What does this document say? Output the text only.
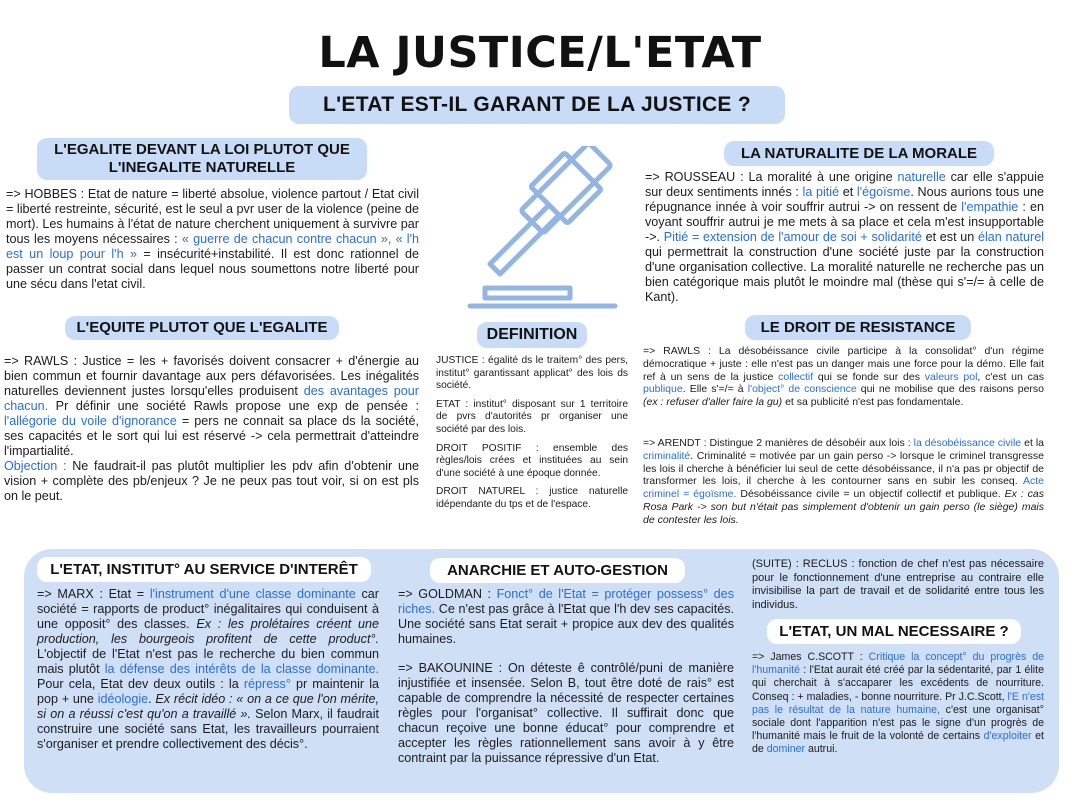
LA JUSTICE/L'ETAT
L'ETAT EST-IL GARANT DE LA JUSTICE ?
L'EGALITE DEVANT LA LOI PLUTOT QUE
L'INEGALITE NATURELLE
=> HOBBES : Etat de nature = liberté absolue, violence partout / Etat civil = liberté restreinte, sécurité, est le seul a pvr user de la violence (peine de mort). Les humains à l'état de nature cherchent uniquement à survivre par tous les moyens nécessaires : « guerre de chacun contre chacun », « l'h est un loup pour l'h » = insécurité+instabilité. Il est donc rationnel de passer un contrat social dans lequel nous soumettons notre liberté pour une sécu dans l'etat civil.
L'EQUITE PLUTOT QUE L'EGALITE
=> RAWLS : Justice = les + favorisés doivent consacrer + d'énergie au bien commun et fournir davantage aux pers défavorisées. Les inégalités naturelles deviennent justes lorsqu'elles produisent des avantages pour chacun. Pr définir une société Rawls propose une exp de pensée : l'allégorie du voile d'ignorance = pers ne connait sa place ds la société, ses capacités et le sort qui lui est réservé -> cela permettrait d'atteindre l'impartialité.
Objection : Ne faudrait-il pas plutôt multiplier les pdv afin d'obtenir une vision + complète des pb/enjeux ? Je ne peux pas tout voir, si on est pls on le peut.
DEFINITION

JUSTICE : égalité ds le traitem° des pers, institut° garantissant applicat° des lois ds société.

ETAT : institut° disposant sur 1 territoire de pvrs d'autorités pr organiser une société par des lois.

DROIT POSITIF : ensemble des règles/lois crées et instituées au sein d'une société à une époque donnée.

DROIT NATUREL : justice naturelle idépendante du tps et de l'espace.

LA NATURALITE DE LA MORALE
=> ROUSSEAU : La moralité à une origine naturelle car elle s'appuie sur deux sentiments innés : la pitié et l'égoïsme. Nous aurions tous une répugnance innée à voir souffrir autrui -> on ressent de l'empathie : en voyant souffrir autrui je me mets à sa place et cela m'est insupportable ->. Pitié = extension de l'amour de soi + solidarité et est un élan naturel qui permettrait la construction d'une société juste par la construction d'une organisation collective. La moralité naturelle ne recherche pas un bien catégorique mais plutôt le moindre mal (thèse qui s'=/= à celle de Kant).
LE DROIT DE RESISTANCE
=> RAWLS : La désobéissance civile participe à la consolidat° d'un régime démocratique + juste : elle n'est pas un danger mais une force pour la démo. Elle fait ref à un sens de la justice collectif qui se fonde sur des valeurs pol, c'est un cas publique. Elle s'=/= à l'object° de conscience qui ne mobilise que des raisons perso (ex : refuser d'aller faire la gu) et sa publicité n'est pas fondamentale.
=> ARENDT : Distingue 2 manières de désobéir aux lois : la désobéissance civile et la criminalité. Criminalité = motivée par un gain perso -> lorsque le criminel transgresse les lois il cherche à bénéficier lui seul de cette désobéissance, il n'a pas pr objectif de transformer les lois, il cherche à les contourner sans en subir les conseq. Acte criminel = égoïsme. Désobéissance civile = un objectif collectif et publique. Ex : cas Rosa Park -> son but n'était pas simplement d'obtenir un gain perso (le siège) mais de contester les lois.
L'ETAT, INSTITUT° AU SERVICE D'INTERÊT
=> MARX : Etat = l'instrument d'une classe dominante car société = rapports de product° inégalitaires qui conduisent à une opposit° des classes. Ex : les prolétaires créent une production, les bourgeois profitent de cette product°. L'objectif de l'Etat n'est pas le recherche du bien commun mais plutôt la défense des intérêts de la classe dominante. Pour cela, Etat dev deux outils : la répress° pr maintenir la pop + une idéologie. Ex récit idéo : « on a ce que l'on mérite, si on a réussi c'est qu'on a travaillé ». Selon Marx, il faudrait construire une société sans Etat, les travailleurs pourraient s'organiser et prendre collectivement des décis°.
ANARCHIE ET AUTO-GESTION

=> GOLDMAN : Fonct° de l'Etat = protéger possess° des riches. Ce n'est pas grâce à l'Etat que l'h dev ses capacités. Une société sans Etat serait + propice aux dev des qualités humaines.

=> BAKOUNINE : On déteste ê contrôlé/puni de manière injustifiée et insensée. Selon B, tout être doté de rais° est capable de comprendre la nécessité de respecter certaines règles pour l'organisat° collective. Il suffirait donc que chacun reçoive une bonne éducat° pour comprendre et accepter les règles rationnellement sans avoir à y être contraint par la puissance répressive d'un Etat.

(SUITE) : RECLUS : fonction de chef n'est pas nécessaire pour le fonctionnement d'une entreprise au contraire elle invisibilise la part de travail et de solidarité entre tous les individus.
L'ETAT, UN MAL NECESSAIRE ?
=> James C.SCOTT : Critique la concept° du progrès de l'humanité : l'Etat aurait été créé par la sédentarité, par 1 élite qui cherchait à s'accaparer les excédents de nourriture. Conseq : + maladies, - bonne nourriture. Pr J.C.Scott, l'E n'est pas le résultat de la nature humaine, c'est une organisat° sociale dont l'apparition n'est pas le signe d'un progrès de l'humanité mais le fruit de la volonté de certains d'exploiter et de dominer autrui.
